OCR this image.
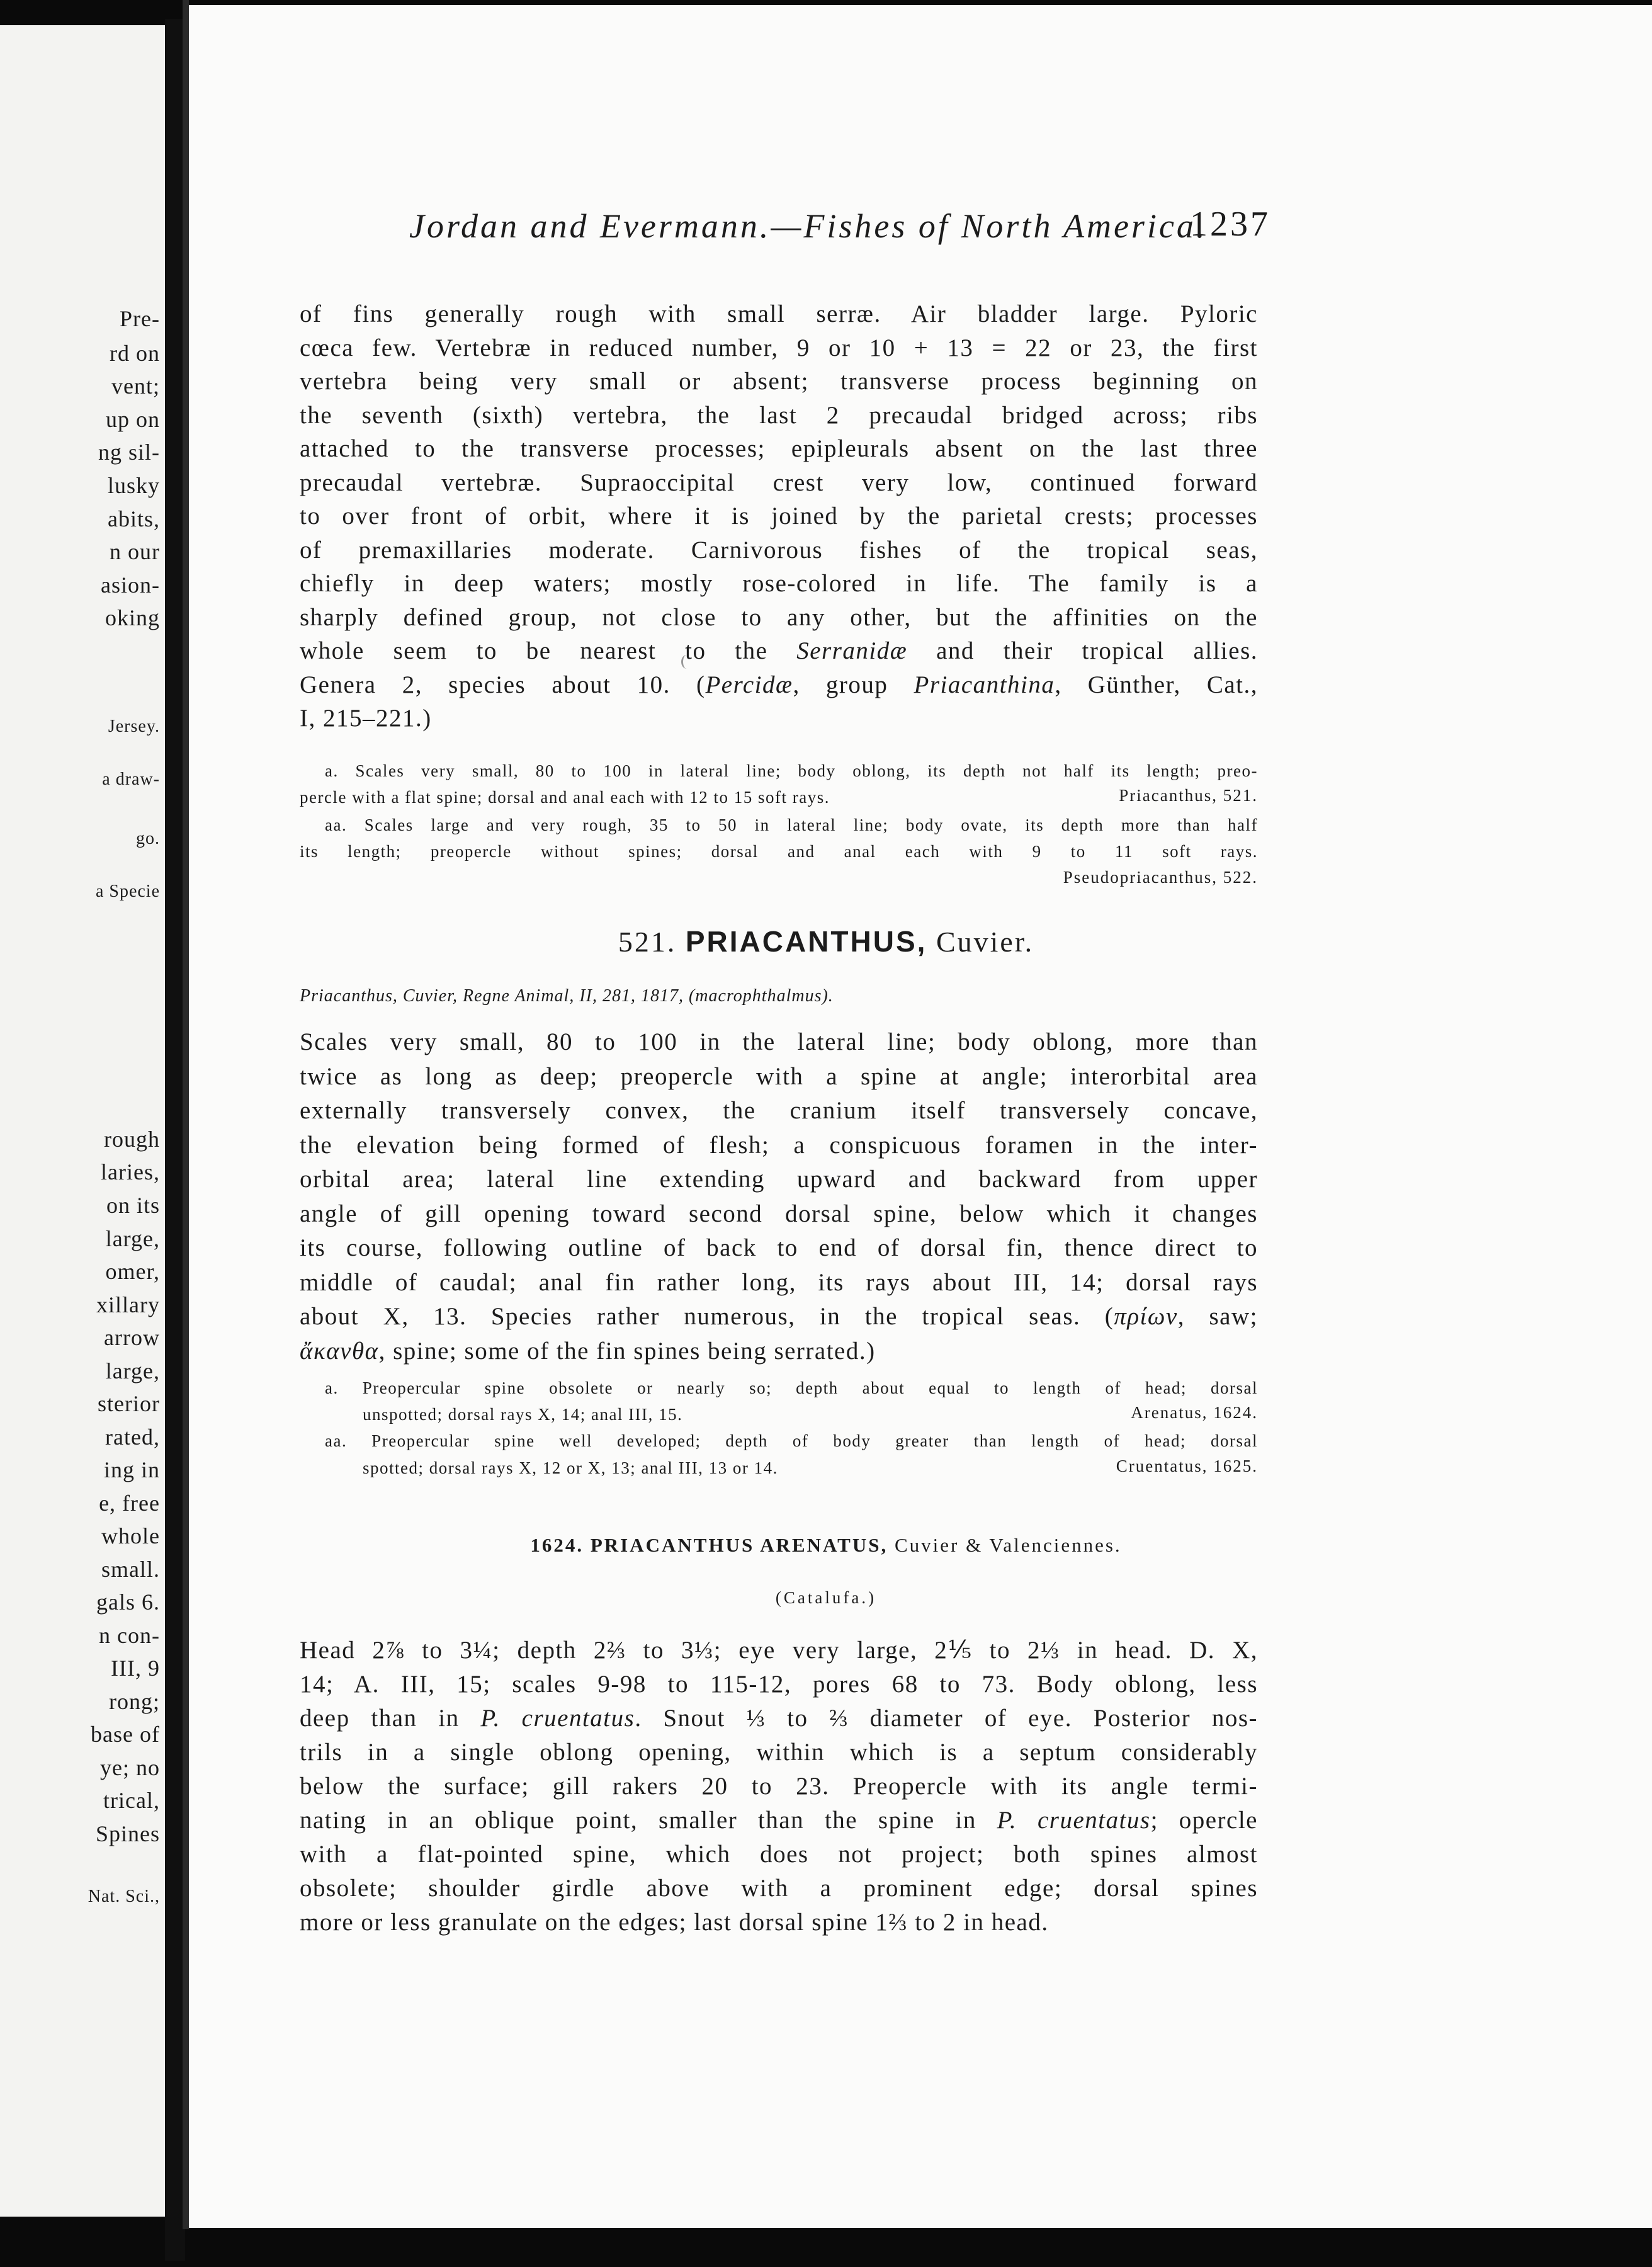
Pre-
rd on
vent;
up on
ng sil-
lusky
abits,
n our
asion-
oking
Jersey.
a draw-
go.
a Specie
rough
laries,
on its
large,
omer,
xillary
arrow
large,
sterior
rated,
ing in
e, free
whole
small.
gals 6.
n con-
III, 9
rong;
base of
ye; no
trical,
Spines
Nat. Sci.,
Jordan and Evermann.—Fishes of North America.
1237
of fins generally rough with small serræ. Air bladder large. Pyloric
cœca few. Vertebræ in reduced number, 9 or 10 + 13 = 22 or 23, the first
vertebra being very small or absent; transverse process beginning on
the seventh (sixth) vertebra, the last 2 precaudal bridged across; ribs
attached to the transverse processes; epipleurals absent on the last three
precaudal vertebræ. Supraoccipital crest very low, continued forward
to over front of orbit, where it is joined by the parietal crests; processes
of premaxillaries moderate. Carnivorous fishes of the tropical seas,
chiefly in deep waters; mostly rose-colored in life. The family is a
sharply defined group, not close to any other, but the affinities on the
whole seem to be nearest to the Serranidæ and their tropical allies.
Genera 2, species about 10. (Percidæ, group Priacanthina, Günther, Cat.,
I, 215–221.)
a. Scales very small, 80 to 100 in lateral line; body oblong, its depth not half its length; preo-
percle with a flat spine; dorsal and anal each with 12 to 15 soft rays.	Priacanthus, 521.
aa. Scales large and very rough, 35 to 50 in lateral line; body ovate, its depth more than half
its length; preopercle without spines; dorsal and anal each with 9 to 11 soft rays.
Pseudopriacanthus, 522.
521. PRIACANTHUS, Cuvier.
Priacanthus, Cuvier, Regne Animal, II, 281, 1817, (macrophthalmus).
Scales very small, 80 to 100 in the lateral line; body oblong, more than
twice as long as deep; preopercle with a spine at angle; interorbital area
externally transversely convex, the cranium itself transversely concave,
the elevation being formed of flesh; a conspicuous foramen in the inter-
orbital area; lateral line extending upward and backward from upper
angle of gill opening toward second dorsal spine, below which it changes
its course, following outline of back to end of dorsal fin, thence direct to
middle of caudal; anal fin rather long, its rays about III, 14; dorsal rays
about X, 13. Species rather numerous, in the tropical seas. (πρίων, saw;
ἄκανθα, spine; some of the fin spines being serrated.)
a. Preopercular spine obsolete or nearly so; depth about equal to length of head; dorsal
unspotted; dorsal rays X, 14; anal III, 15.	Arenatus, 1624.
aa. Preopercular spine well developed; depth of body greater than length of head; dorsal
spotted; dorsal rays X, 12 or X, 13; anal III, 13 or 14.	Cruentatus, 1625.
1624. PRIACANTHUS ARENATUS, Cuvier & Valenciennes.
(Catalufa.)
Head 2⅞ to 3¼; depth 2⅔ to 3⅓; eye very large, 2⅕ to 2⅓ in head. D. X,
14; A. III, 15; scales 9-98 to 115-12, pores 68 to 73. Body oblong, less
deep than in P. cruentatus. Snout ⅓ to ⅔ diameter of eye. Posterior nos-
trils in a single oblong opening, within which is a septum considerably
below the surface; gill rakers 20 to 23. Preopercle with its angle termi-
nating in an oblique point, smaller than the spine in P. cruentatus; opercle
with a flat-pointed spine, which does not project; both spines almost
obsolete; shoulder girdle above with a prominent edge; dorsal spines
more or less granulate on the edges; last dorsal spine 1⅔ to 2 in head.
